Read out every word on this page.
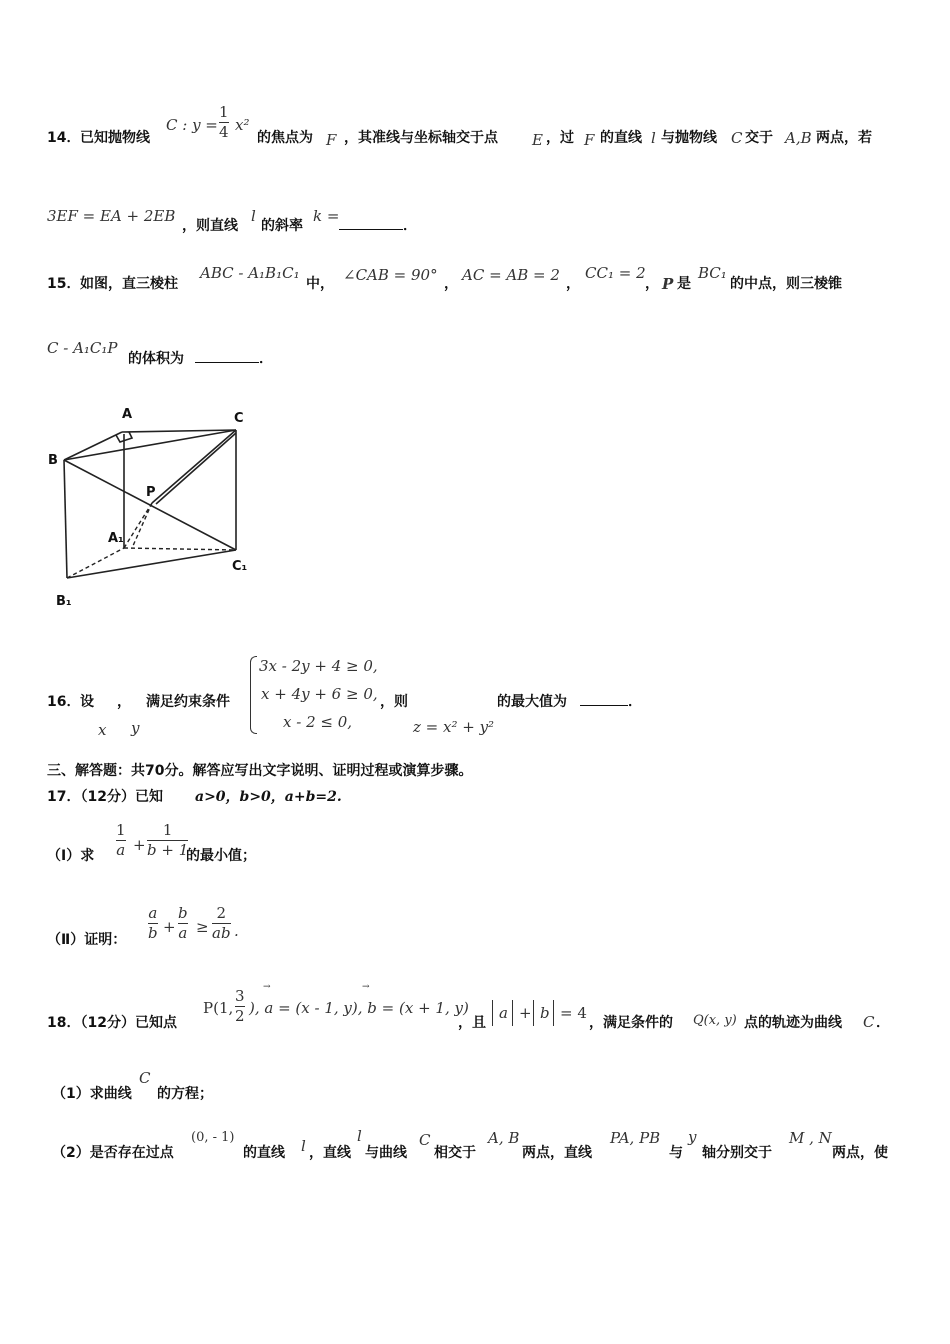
14． 已知抛物线
C : y =
1
4 x²
的焦点为 F ，其准线与坐标轴交于点 E ，过 F 的直线 l 与抛物线 C 交于 A,B 两点，若
3EF = EA + 2EB
，则直线
l
的斜率
k =
．
15． 如图，直三棱柱
ABC - A₁B₁C₁
中， ∠CAB = 90° ， AC = AB = 2 ，
CC₁ = 2
， P 是
BC₁
的中点，则三棱锥
C - A₁C₁P
的体积为	．
A	C
B
P
A₁
C₁
B₁
16． 设 ，
x y
满足约束条件
3x - 2y + 4 ≥ 0,
x + 4y + 6 ≥ 0,
x - 2 ≤ 0,
，则
z = x² + y²
的最大值为	．
三、解答题：共70分。解答应写出文字说明、证明过程或演算步骤。
17．（12分）已知 a>0，b>0，a+b=2.
（Ⅰ）求
1
a +
1
b + 1
的最小值；
（Ⅱ）证明：
a
b +
b
a ≥
2
ab .
18．（12分）已知点
P(1,
3
2
→	→
), a = (x - 1, y), b = (x + 1, y)
，且
a + b = 4
，满足条件的 Q(x, y) 点的轨迹为曲线 C ．
（1）求曲线
C
的方程；
（2）是否存在过点
(0, - 1)
的直线 l ，直线
l
与曲线
C
相交于
A, B
两点，直线
PA, PB
与
y
轴分别交于
M , N
两点，使
